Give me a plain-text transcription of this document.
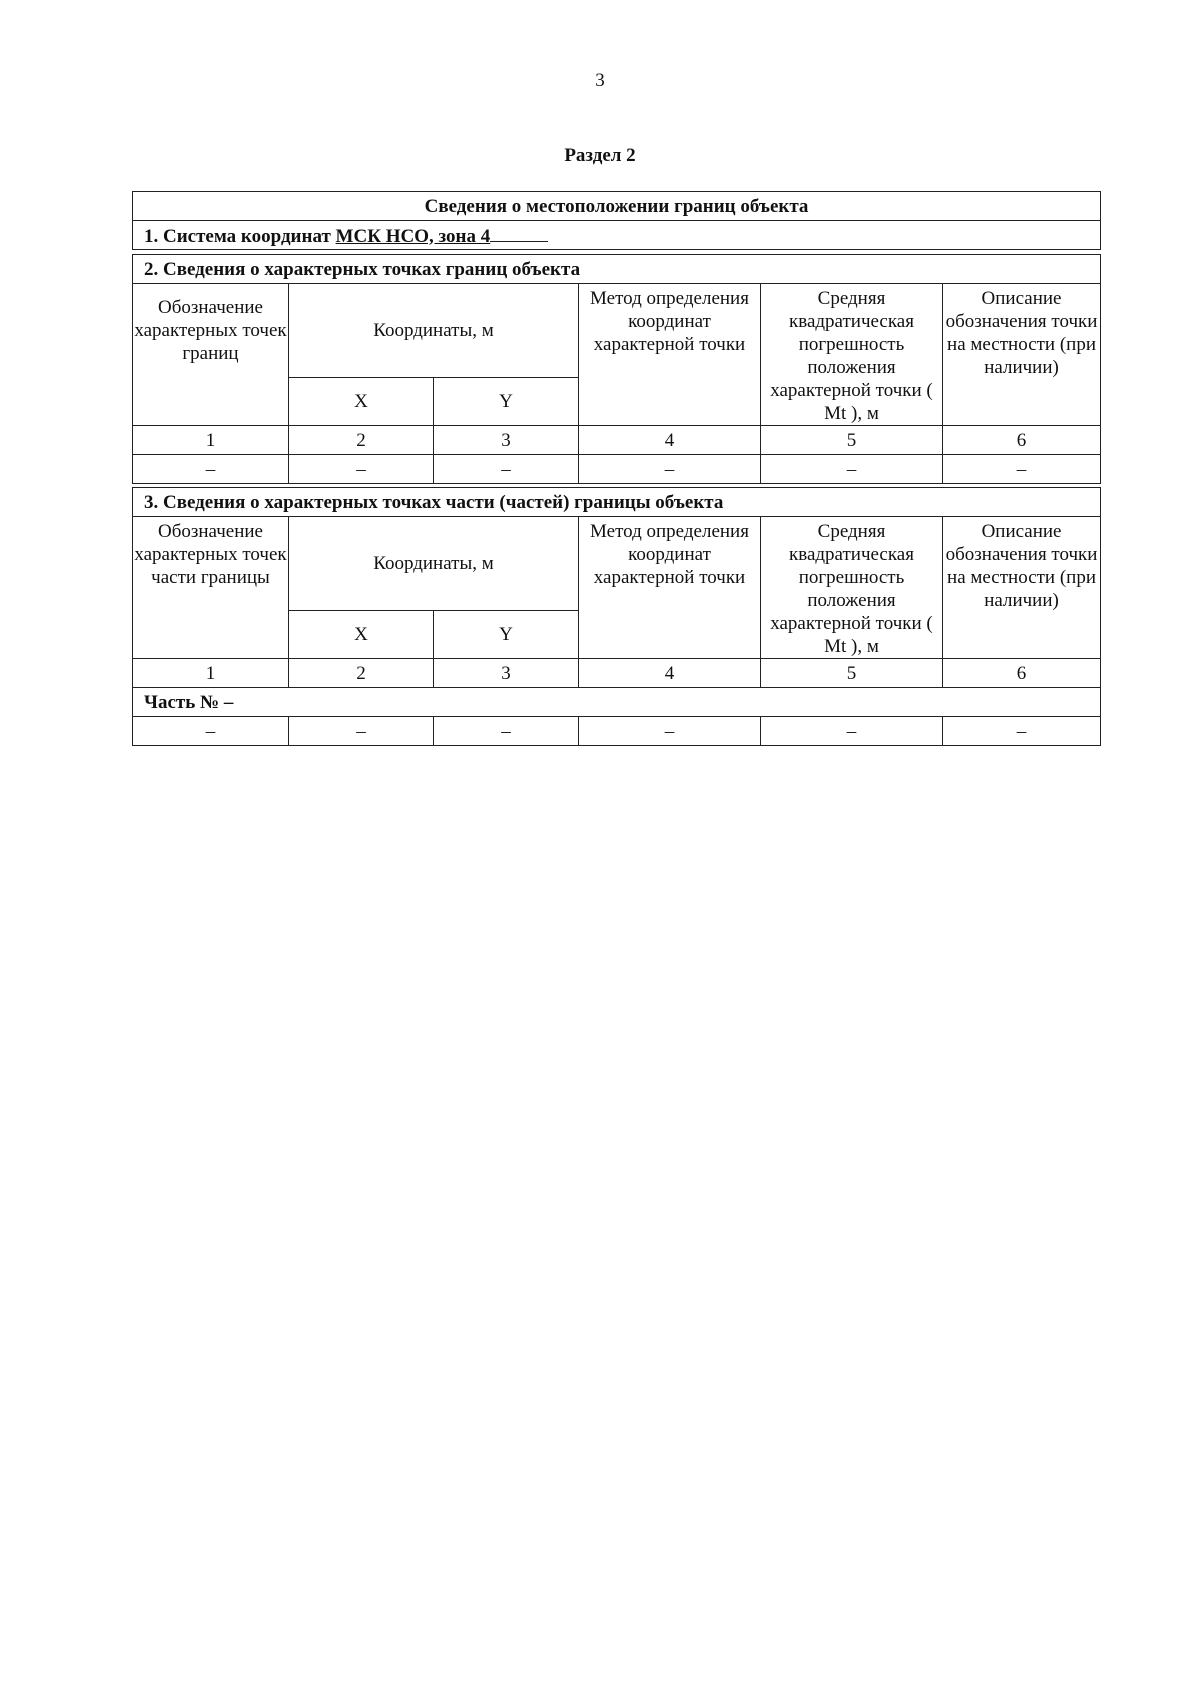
3
Раздел 2
Сведения о местоположении границ объекта
1. Система координат МСК НСО, зона 4
2. Сведения о характерных точках границ объекта					
Обозначение характерных точек границ	Координаты, м		Метод определения координат характерной точки	Средняя квадратическая погрешность положения характерной точки ( Mt ), м	Описание обозначения точки на местности (при наличии)
	X	Y			
1	2	3	4	5	6
–	–	–	–	–	–
3. Сведения о характерных точках части (частей) границы объекта					
Обозначение характерных точек части границы	Координаты, м		Метод определения координат характерной точки	Средняя квадратическая погрешность положения характерной точки ( Mt ), м	Описание обозначения точки на местности (при наличии)
	X	Y			
1	2	3	4	5	6
Часть № –					
–	–	–	–	–	–
